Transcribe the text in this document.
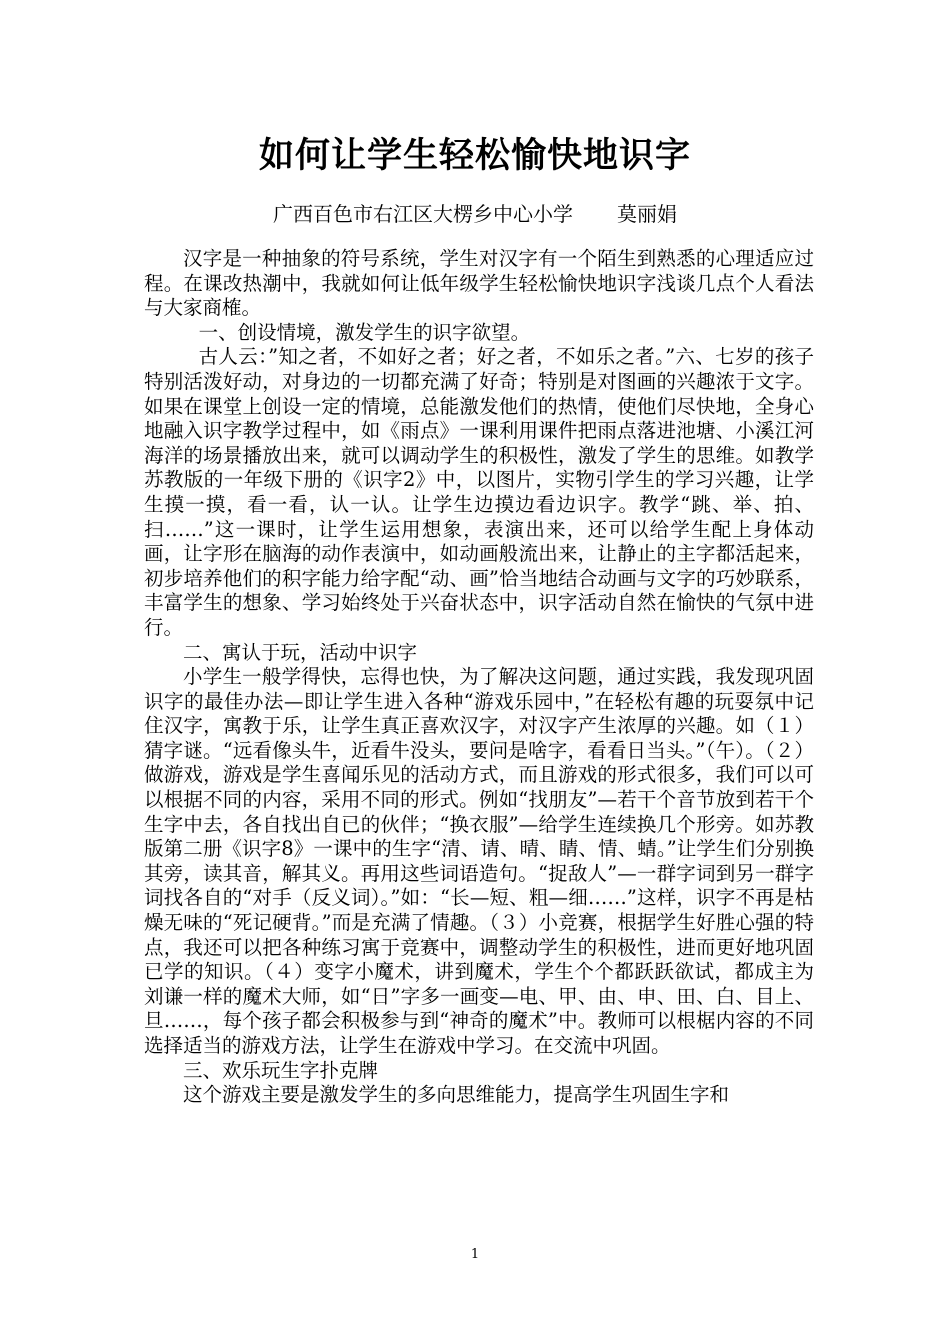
如何让学生轻松愉快地识字

广西百色市右江区大楞乡中心小学 莫丽娟

汉字是一种抽象的符号系统，学生对汉字有一个陌生到熟悉的心理适应过程。在课改热潮中，我就如何让低年级学生轻松愉快地识字浅谈几点个人看法与大家商榷。

一、创设情境，激发学生的识字欲望。

古人云：”知之者，不如好之者；好之者，不如乐之者。”六、七岁的孩子特别活泼好动，对身边的一切都充满了好奇；特别是对图画的兴趣浓于文字。如果在课堂上创设一定的情境，总能激发他们的热情，使他们尽快地，全身心地融入识字教学过程中，如《雨点》一课利用课件把雨点落进池塘、小溪江河海洋的场景播放出来，就可以调动学生的积极性，激发了学生的思维。如教学苏教版的一年级下册的《识字2》中，以图片，实物引学生的学习兴趣，让学生摸一摸，看一看，认一认。让学生边摸边看边识字。教学“跳、举、拍、扫……”这一课时，让学生运用想象，表演出来，还可以给学生配上身体动画，让字形在脑海的动作表演中，如动画般流出来，让静止的主字都活起来，初步培养他们的积字能力给字配“动、画”恰当地结合动画与文字的巧妙联系，丰富学生的想象、学习始终处于兴奋状态中，识字活动自然在愉快的气氛中进行。

二、寓认于玩，活动中识字

小学生一般学得快，忘得也快，为了解决这问题，通过实践，我发现巩固识字的最佳办法—即让学生进入各种“游戏乐园中，”在轻松有趣的玩耍氛中记住汉字，寓教于乐，让学生真正喜欢汉字，对汉字产生浓厚的兴趣。如（１）猜字谜。“远看像头牛，近看牛没头，要问是啥字，看看日当头。”（午）。（２）做游戏，游戏是学生喜闻乐见的活动方式，而且游戏的形式很多，我们可以可以根据不同的内容，采用不同的形式。例如“找朋友”—若干个音节放到若干个生字中去，各自找出自已的伙伴；“换衣服”—给学生连续换几个形旁。如苏教版第二册《识字8》一课中的生字“清、请、晴、睛、情、蜻。”让学生们分别换其旁，读其音，解其义。再用这些词语造句。“捉敌人”—一群字词到另一群字词找各自的“对手（反义词）。”如：“长—短、粗—细……”这样，识字不再是枯燥无味的“死记硬背。”而是充满了情趣。（３）小竞赛，根据学生好胜心强的特点，我还可以把各种练习寓于竞赛中，调整动学生的积极性，进而更好地巩固已学的知识。（４）变字小魔术，讲到魔术，学生个个都跃跃欲试，都成主为刘谦一样的魔术大师，如“日”字多一画变—电、甲、由、申、田、白、目上、旦……，每个孩子都会积极参与到“神奇的魔术”中。教师可以根椐内容的不同选择适当的游戏方法，让学生在游戏中学习。在交流中巩固。

三、欢乐玩生字扑克牌

这个游戏主要是激发学生的多向思维能力，提高学生巩固生字和

1
